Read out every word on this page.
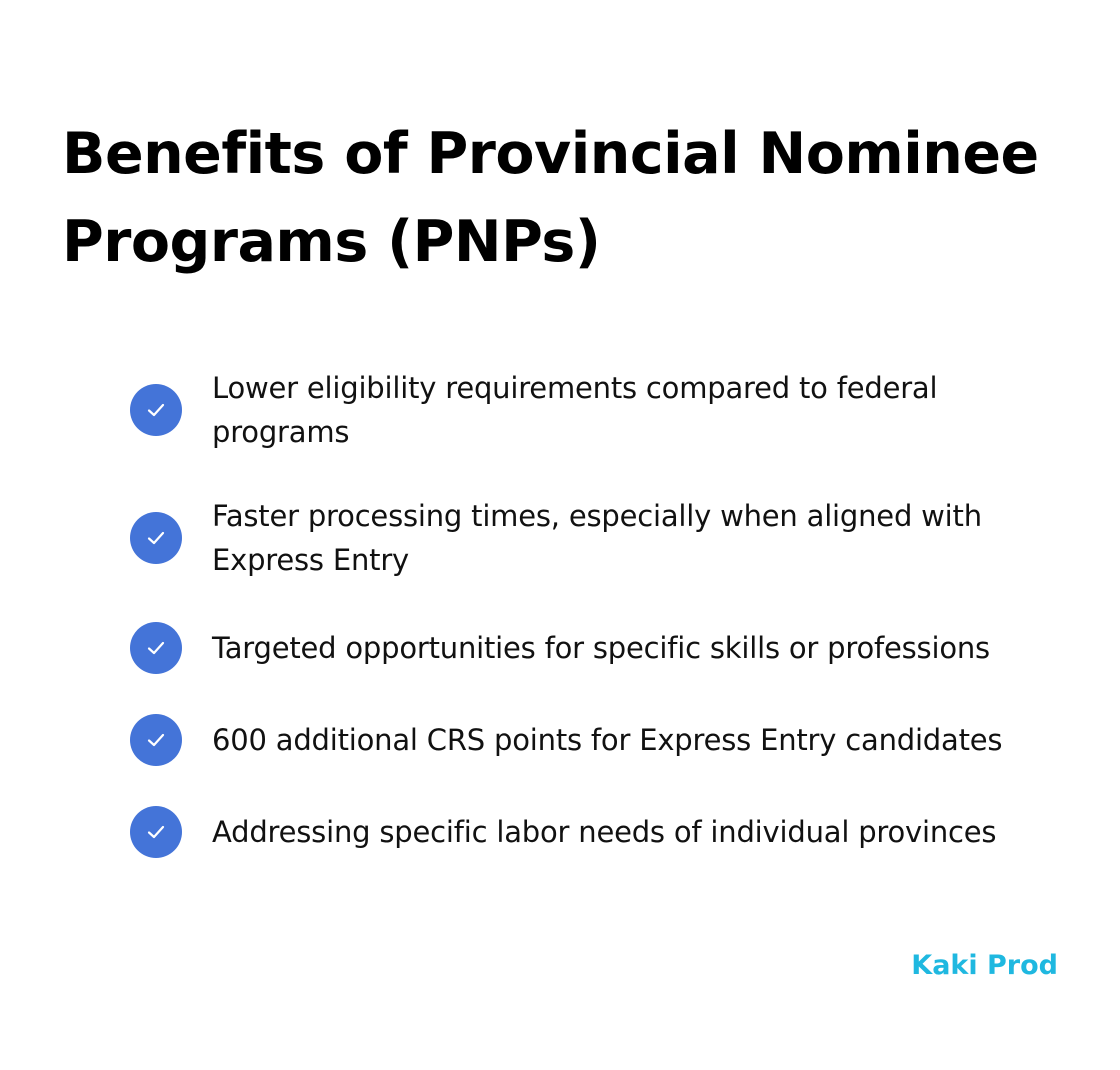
Benefits of Provincial Nominee Programs (PNPs)
Lower eligibility requirements compared to federal programs
Faster processing times, especially when aligned with Express Entry
Targeted opportunities for specific skills or professions
600 additional CRS points for Express Entry candidates
Addressing specific labor needs of individual provinces
Kaki Prod
